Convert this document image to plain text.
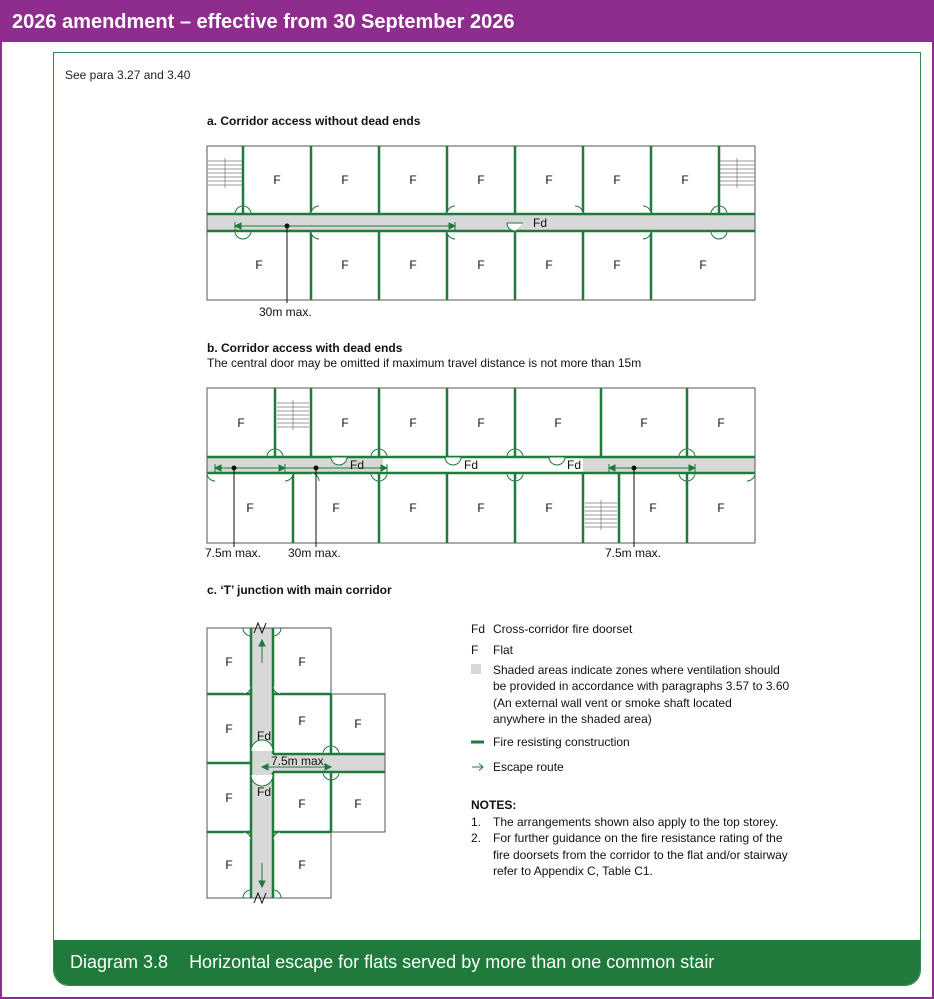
2026 amendment – effective from 30 September 2026
See para 3.27 and 3.40
a. Corridor access without dead ends
30m max.
Fd
F	F	F	F	F	F	F
F	F	F	F	F	F	F
b. Corridor access with dead ends
The central door may be omitted if maximum travel distance is not more than 15m
Fd	Fd	Fd
7.5m max. 30m max.	7.5m max.
F	F	F	F	F	F	F
F	F	F	F	F	F	F
c. ‘T’ junction with main corridor
7.5m max.
Fd
Fd
F	F
F
F	F
F	F	F
F	F
Fd Cross-corridor fire doorset
F Flat
Shaded areas indicate zones where ventilation should
be provided in accordance with paragraphs 3.57 to 3.60
(An external wall vent or smoke shaft located
anywhere in the shaded area)
Fire resisting construction
Escape route
NOTES:
1. The arrangements shown also apply to the top storey.
2. For further guidance on the fire resistance rating of the
fire doorsets from the corridor to the flat and/or stairway
refer to Appendix C, Table C1.
Diagram 3.8 Horizontal escape for flats served by more than one common stair
